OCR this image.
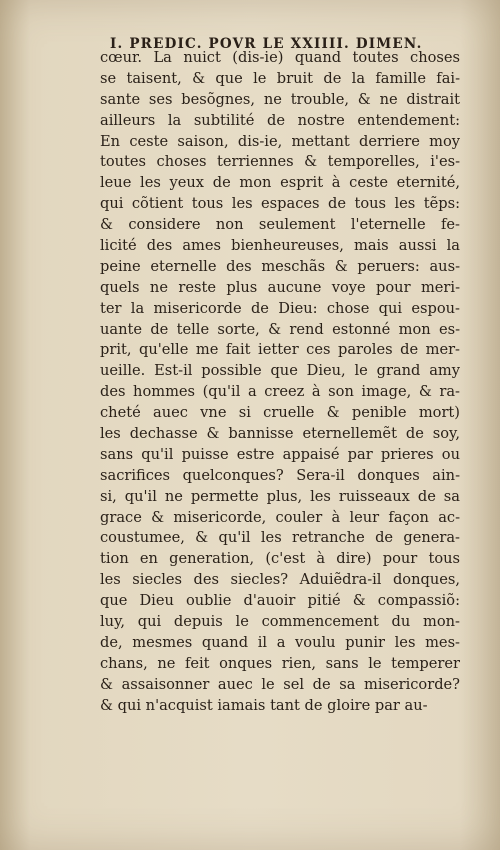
I. PREDIC. POVR LE XXIIII. DIMEN.
cœur. La nuict (dis-ie) quand toutes choses
se taisent, & que le bruit de la famille fai-
sante ses besõgnes, ne trouble, & ne distrait
ailleurs la subtilité de nostre entendement:
En ceste saison, dis-ie, mettant derriere moy
toutes choses terriennes & temporelles, i'es-
leue les yeux de mon esprit à ceste eternité,
qui cõtient tous les espaces de tous les tẽps:
& considere non seulement l'eternelle fe-
licité des ames bienheureuses, mais aussi la
peine eternelle des meschãs & peruers: aus-
quels ne reste plus aucune voye pour meri-
ter la misericorde de Dieu: chose qui espou-
uante de telle sorte, & rend estonné mon es-
prit, qu'elle me fait ietter ces paroles de mer-
ueille. Est-il possible que Dieu, le grand amy
des hommes (qu'il a creez à son image, & ra-
cheté auec vne si cruelle & penible mort)
les dechasse & bannisse eternellemẽt de soy,
sans qu'il puisse estre appaisé par prieres ou
sacrifices quelconques? Sera-il donques ain-
si, qu'il ne permette plus, les ruisseaux de sa
grace & misericorde, couler à leur façon ac-
coustumee, & qu'il les retranche de genera-
tion en generation, (c'est à dire) pour tous
les siecles des siecles? Aduiẽdra-il donques,
que Dieu oublie d'auoir pitié & compassiõ:
luy, qui depuis le commencement du mon-
de, mesmes quand il a voulu punir les mes-
chans, ne feit onques rien, sans le temperer
& assaisonner auec le sel de sa misericorde?
& qui n'acquist iamais tant de gloire par au-
